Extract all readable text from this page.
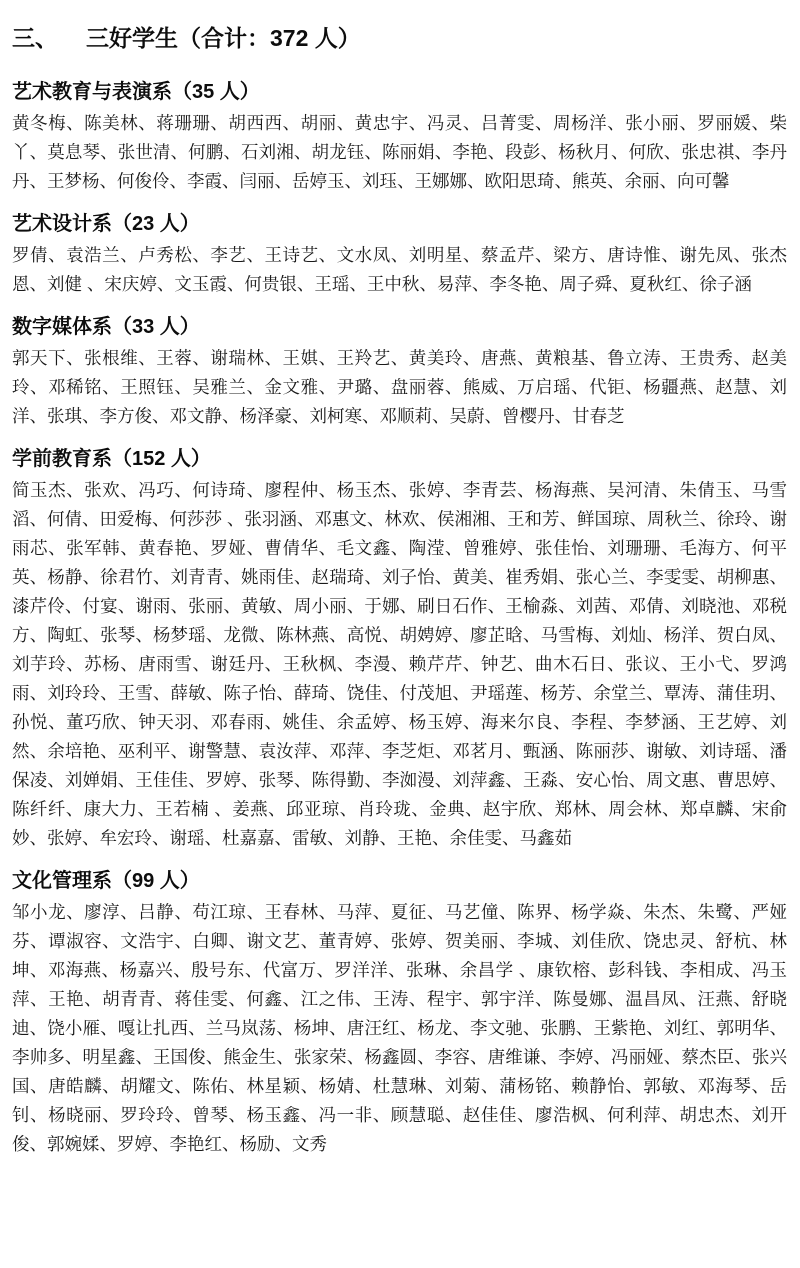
三、 三好学生（合计：372 人）
艺术教育与表演系（35 人）

黄冬梅、陈美林、蒋珊珊、胡西西、胡丽、黄忠宇、冯灵、吕菁雯、周杨洋、张小丽、罗丽媛、柴丫、莫息琴、张世清、何鹏、石刘湘、胡龙钰、陈丽娟、李艳、段彭、杨秋月、何欣、张忠祺、李丹丹、王梦杨、何俊伶、李霞、闫丽、岳婷玉、刘珏、王娜娜、欧阳思琦、熊英、余丽、向可馨

艺术设计系（23 人）

罗倩、袁浩兰、卢秀松、李艺、王诗艺、文水凤、刘明星、蔡孟芹、梁方、唐诗惟、谢先凤、张杰恩、刘健 、宋庆婷、文玉霞、何贵银、王瑶、王中秋、易萍、李冬艳、周子舜、夏秋红、徐子涵

数字媒体系（33 人）

郭天下、张根维、王蓉、谢瑞林、王娸、王羚艺、黄美玲、唐燕、黄粮基、鲁立涛、王贵秀、赵美玲、邓稀铭、王照钰、吴雅兰、金文雅、尹璐、盘丽蓉、熊威、万启瑶、代钜、杨疆燕、赵慧、刘洋、张琪、李方俊、邓文静、杨泽豪、刘柯寒、邓顺莉、吴蔚、曾樱丹、甘春芝

学前教育系（152 人）

简玉杰、张欢、冯巧、何诗琦、廖程仲、杨玉杰、张婷、李青芸、杨海燕、吴河清、朱倩玉、马雪滔、何倩、田爱梅、何莎莎 、张羽涵、邓惠文、林欢、侯湘湘、王和芳、鲜国琼、周秋兰、徐玲、谢雨芯、张军韩、黄春艳、罗娅、曹倩华、毛文鑫、陶滢、曾雅婷、张佳怡、刘珊珊、毛海方、何平英、杨静、徐君竹、刘青青、姚雨佳、赵瑞琦、刘子怡、黄美、崔秀娟、张心兰、李雯雯、胡柳惠、漆芹伶、付宴、谢雨、张丽、黄敏、周小丽、于娜、刷日石作、王榆淼、刘茜、邓倩、刘晓池、邓税方、陶虹、张琴、杨梦瑶、龙微、陈林燕、高悦、胡娉婷、廖芷晗、马雪梅、刘灿、杨洋、贺白凤、刘芋玲、苏杨、唐雨雪、谢廷丹、王秋枫、李漫、赖芹芹、钟艺、曲木石日、张议、王小弋、罗鸿雨、刘玲玲、王雪、薛敏、陈子怡、薛琦、饶佳、付茂旭、尹瑶莲、杨芳、余堂兰、覃涛、蒲佳玥、孙悦、董巧欣、钟天羽、邓春雨、姚佳、余孟婷、杨玉婷、海来尔良、李程、李梦涵、王艺婷、刘然、余培艳、巫利平、谢警慧、袁汝萍、邓萍、李芝炬、邓茗月、甄涵、陈丽莎、谢敏、刘诗瑶、潘保凌、刘婵娟、王佳佳、罗婷、张琴、陈得勤、李洳漫、刘萍鑫、王淼、安心怡、周文惠、曹思婷、陈纤纤、康大力、王若楠 、姜燕、邱亚琼、肖玲珑、金典、赵宇欣、郑林、周会林、郑卓麟、宋俞妙、张婷、牟宏玲、谢瑶、杜嘉嘉、雷敏、刘静、王艳、余佳雯、马鑫茹

文化管理系（99 人）

邹小龙、廖淳、吕静、苟江琼、王春林、马萍、夏征、马艺僮、陈界、杨学焱、朱杰、朱鹭、严娅芬、谭淑容、文浩宇、白卿、谢文艺、董青婷、张婷、贺美丽、李城、刘佳欣、饶忠灵、舒杭、林坤、邓海燕、杨嘉兴、殷号东、代富万、罗洋洋、张琳、余昌学 、康钦榕、彭科钱、李相成、冯玉萍、王艳、胡青青、蒋佳雯、何鑫、江之伟、王涛、程宇、郭宇洋、陈曼娜、温昌凤、汪燕、舒晓迪、饶小雁、嘎让扎西、兰马岚荡、杨坤、唐汪红、杨龙、李文驰、张鹏、王紫艳、刘红、郭明华、李帅多、明星鑫、王国俊、熊金生、张家荣、杨鑫圆、李容、唐维谦、李婷、冯丽娅、蔡杰臣、张兴国、唐皓麟、胡耀文、陈佑、林星颖、杨婧、杜慧琳、刘菊、蒲杨铭、赖静怡、郭敏、邓海琴、岳钊、杨晓丽、罗玲玲、曾琴、杨玉鑫、冯一非、顾慧聪、赵佳佳、廖浩枫、何利萍、胡忠杰、刘开俊、郭婉媃、罗婷、李艳红、杨励、文秀
